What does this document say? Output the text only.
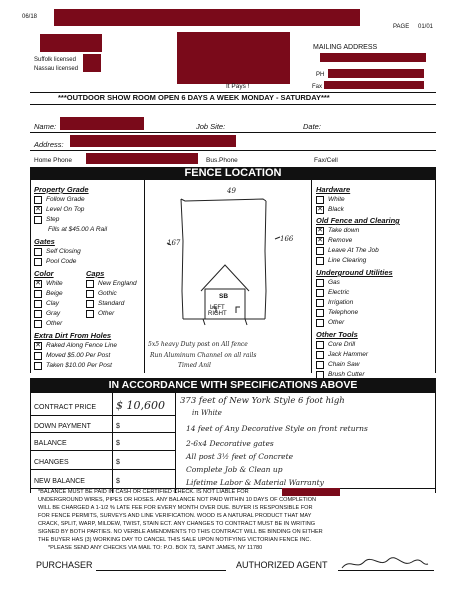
06/18
PAGE 01/01
Suffolk licensed
Nassau licensed
MAILING ADDRESS
PH
Fax
It Pays !
***OUTDOOR SHOW ROOM OPEN 6 DAYS A WEEK MONDAY - SATURDAY***
Name:	Job Site:	Date:
Address:
Home Phone	Bus.Phone	Fax/Cell
FENCE LOCATION
Property Grade
Follow Grade
✕ Level On Top
Step
Fills at $45.00 A Rail
Gates
Self Closing
Pool Code
Color	Caps
✕ White
Beige
Clay
Gray
Other
New England
Gothic
Standard
Other
Extra Dirt From Holes
✕ Raked Along Fence Line
Moved $5.00 Per Post
Taken $10.00 Per Post
49
167	166
SB
LEFT
RIGHT
5x5 heavy Duty post on All fence
Run Aluminum Channel on all rails
Timed Anil
Hardware
White
✕ Black
Old Fence and Clearing
✕ Take down
✕ Remove
Leave At The Job
Line Clearing
Underground Utilities
Gas
Electric
Irrigation
Telephone
Other
Other Tools
Core Drill
Jack Hammer
Chain Saw
Brush Cutter
IN ACCORDANCE WITH SPECIFICATIONS ABOVE
CONTRACT PRICE $ 10,600
DOWN PAYMENT	$
BALANCE	$
CHANGES	$
NEW BALANCE	$
373 feet of New York Style 6 foot high
in White
14 feet of Any Decorative Style on front returns
2-6x4 Decorative gates
All post 3½ feet of Concrete
Complete Job & Clean up
Lifetime Labor & Material Warranty
*BALANCE MUST BE PAID IN CASH OR CERTIFIED CHECK. IS NOT LIABLE FOR
UNDERGROUND WIRES, PIPES OR HOSES. ANY BALANCE NOT PAID WITHIN 10 DAYS OF COMPLETION
WILL BE CHARGED A 1-1/2 % LATE FEE FOR EVERY MONTH OVER DUE. BUYER IS RESPONSIBLE FOR
FOR FENCE PERMITS, SURVEYS AND LINE VERIFICATION. WOOD IS A NATURAL PRODUCT THAT MAY
CRACK, SPLIT, WARP, MILDEW, TWIST, STAIN ECT. ANY CHANGES TO CONTRACT MUST BE IN WRITING
SIGNED BY BOTH PARTIES. NO VERBLE AMENDMENTS TO THIS CONTRACT WILL BE BINDING ON EITHER
THE BUYER HAS (3) WORKING DAY TO CANCEL THIS SALE UPON NOTIFYING VICTORIAN FENCE INC.
*PLEASE SEND ANY CHECKS VIA MAIL TO: P.O. BOX 73, SAINT JAMES, NY 11780
PURCHASER	AUTHORIZED AGENT
